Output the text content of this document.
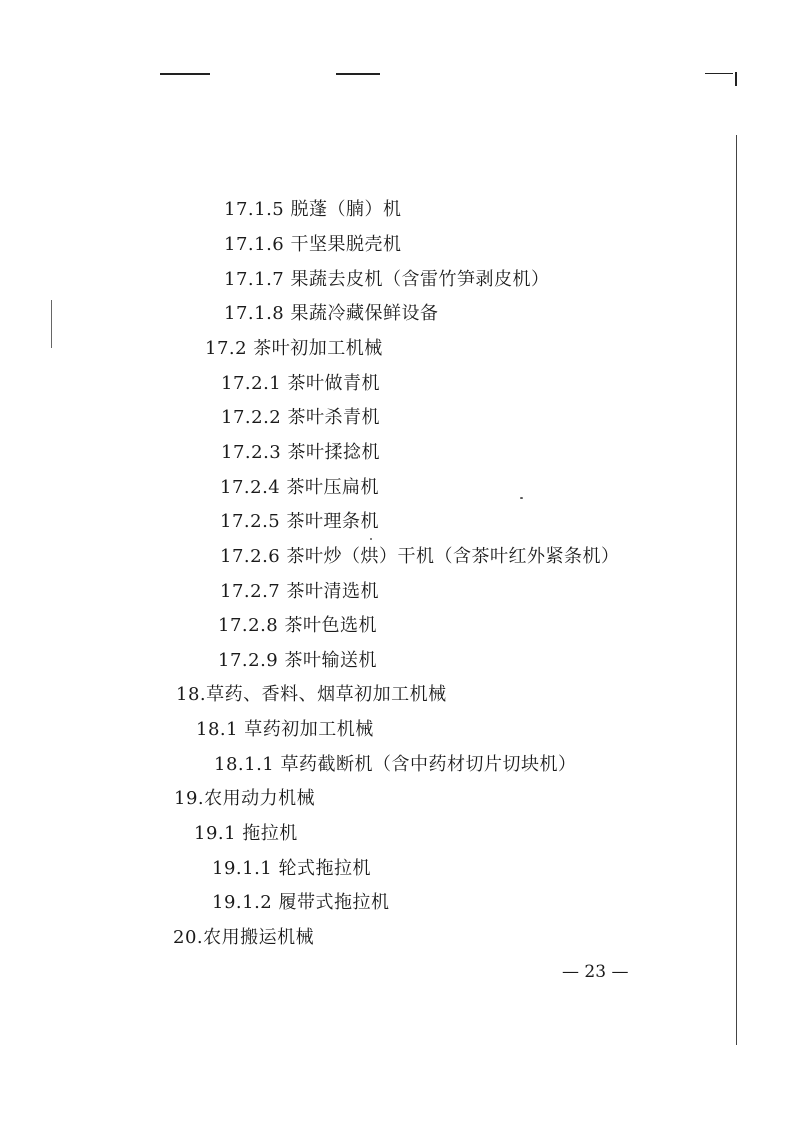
17.1.5 脱蓬（腩）机
17.1.6 干坚果脱壳机
17.1.7 果蔬去皮机（含雷竹笋剥皮机）
17.1.8 果蔬冷藏保鲜设备
17.2 茶叶初加工机械
17.2.1 茶叶做青机
17.2.2 茶叶杀青机
17.2.3 茶叶揉捻机
17.2.4 茶叶压扁机
17.2.5 茶叶理条机
17.2.6 茶叶炒（烘）干机（含茶叶红外紧条机）
17.2.7 茶叶清选机
17.2.8 茶叶色选机
17.2.9 茶叶输送机
18.草药、香料、烟草初加工机械
18.1 草药初加工机械
18.1.1 草药截断机（含中药材切片切块机）
19.农用动力机械
19.1 拖拉机
19.1.1 轮式拖拉机
19.1.2 履带式拖拉机
20.农用搬运机械
— 23 —
